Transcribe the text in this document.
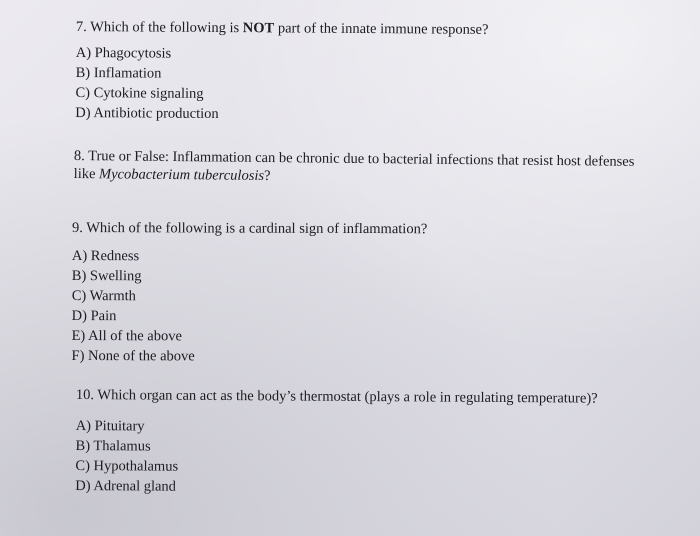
7. Which of the following is NOT part of the innate immune response?

A) Phagocytosis
B) Inflamation
C) Cytokine signaling
D) Antibiotic production

8. True or False: Inflammation can be chronic due to bacterial infections that resist host defenses
like Mycobacterium tuberculosis?

9. Which of the following is a cardinal sign of inflammation?

A) Redness
B) Swelling
C) Warmth
D) Pain
E) All of the above
F) None of the above

10. Which organ can act as the body’s thermostat (plays a role in regulating temperature)?

A) Pituitary
B) Thalamus
C) Hypothalamus
D) Adrenal gland
